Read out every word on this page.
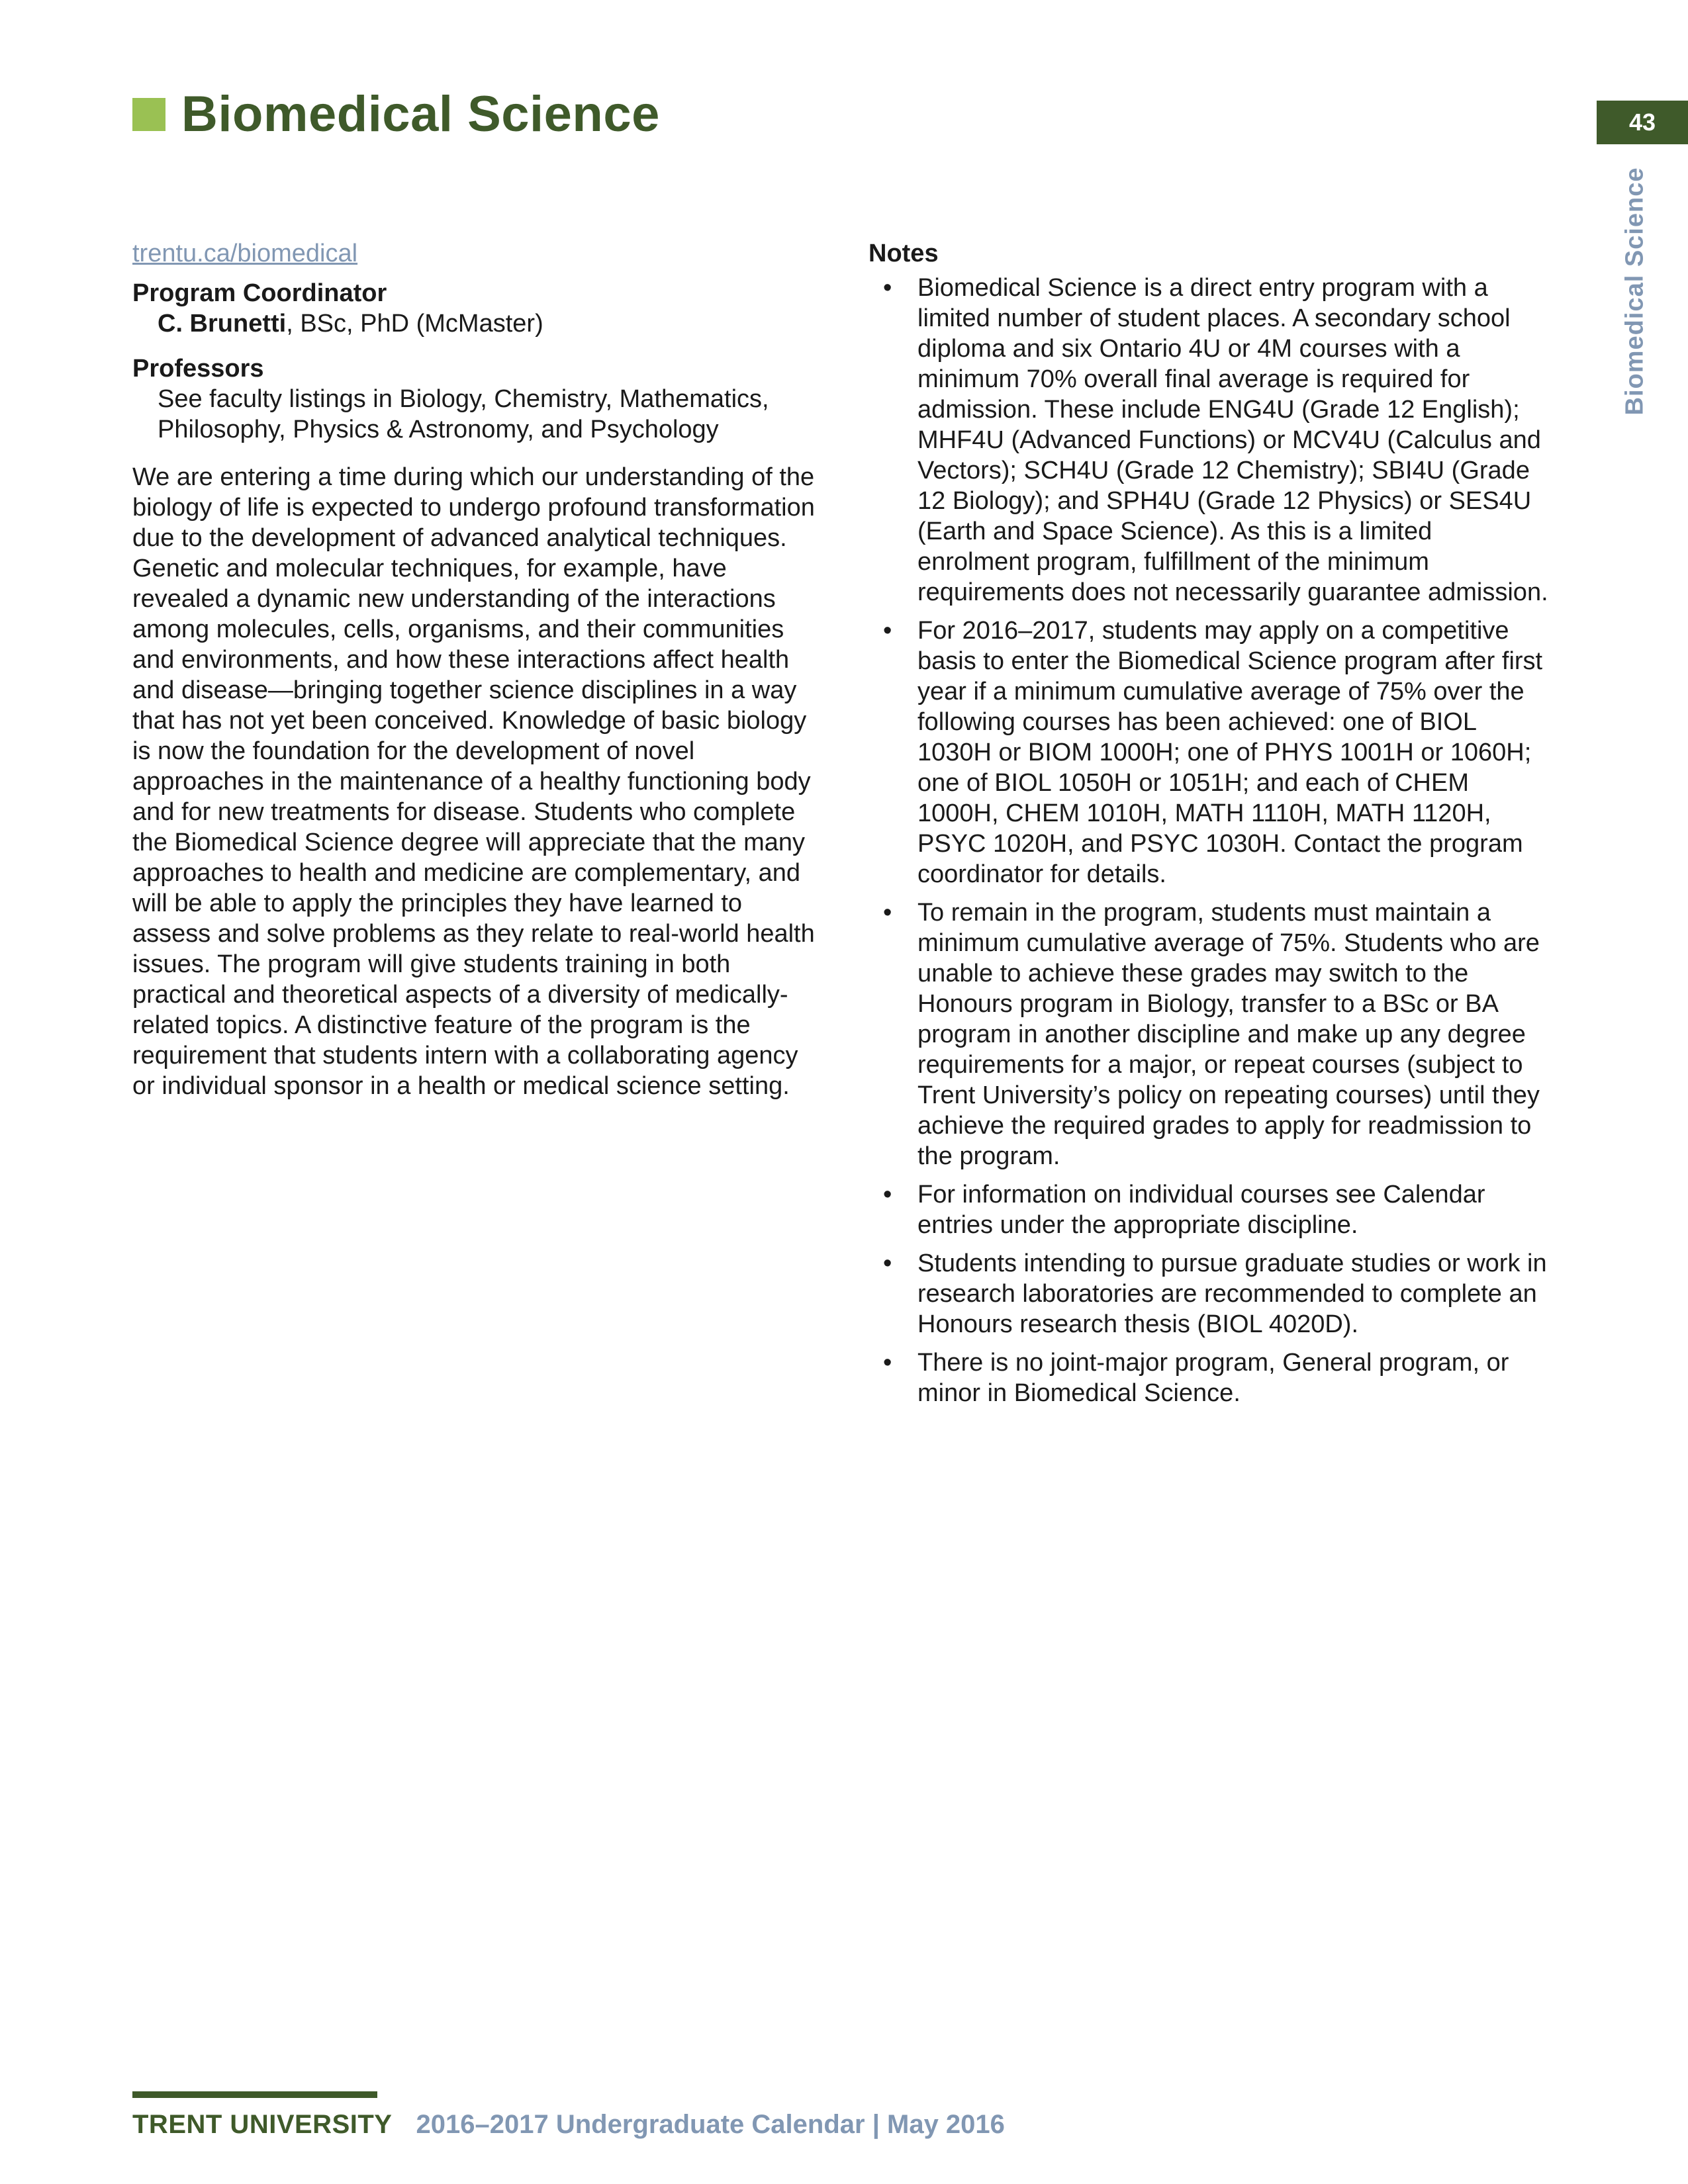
Biomedical Science	43
Biomedical Science
trentu.ca/biomedical
Program Coordinator
C. Brunetti, BSc, PhD (McMaster)
Professors
See faculty listings in Biology, Chemistry, Mathematics, Philosophy, Physics & Astronomy, and Psychology
We are entering a time during which our understanding of the biology of life is expected to undergo profound transformation due to the development of advanced analytical techniques. Genetic and molecular techniques, for example, have revealed a dynamic new understanding of the interactions among molecules, cells, organisms, and their communities and environments, and how these interactions affect health and disease—bringing together science disciplines in a way that has not yet been conceived. Knowledge of basic biology is now the foundation for the development of novel approaches in the maintenance of a healthy functioning body and for new treatments for disease. Students who complete the Biomedical Science degree will appreciate that the many approaches to health and medicine are complementary, and will be able to apply the principles they have learned to assess and solve problems as they relate to real-world health issues. The program will give students training in both practical and theoretical aspects of a diversity of medically-related topics. A distinctive feature of the program is the requirement that students intern with a collaborating agency or individual sponsor in a health or medical science setting.
Notes
• Biomedical Science is a direct entry program with a limited number of student places. A secondary school diploma and six Ontario 4U or 4M courses with a minimum 70% overall final average is required for admission. These include ENG4U (Grade 12 English); MHF4U (Advanced Functions) or MCV4U (Calculus and Vectors); SCH4U (Grade 12 Chemistry); SBI4U (Grade 12 Biology); and SPH4U (Grade 12 Physics) or SES4U (Earth and Space Science). As this is a limited enrolment program, fulfillment of the minimum requirements does not necessarily guarantee admission.
• For 2016–2017, students may apply on a competitive basis to enter the Biomedical Science program after first year if a minimum cumulative average of 75% over the following courses has been achieved: one of BIOL 1030H or BIOM 1000H; one of PHYS 1001H or 1060H; one of BIOL 1050H or 1051H; and each of CHEM 1000H, CHEM 1010H, MATH 1110H, MATH 1120H, PSYC 1020H, and PSYC 1030H. Contact the program coordinator for details.
• To remain in the program, students must maintain a minimum cumulative average of 75%. Students who are unable to achieve these grades may switch to the Honours program in Biology, transfer to a BSc or BA program in another discipline and make up any degree requirements for a major, or repeat courses (subject to Trent University’s policy on repeating courses) until they achieve the required grades to apply for readmission to the program.
• For information on individual courses see Calendar entries under the appropriate discipline.
• Students intending to pursue graduate studies or work in research laboratories are recommended to complete an Honours research thesis (BIOL 4020D).
• There is no joint-major program, General program, or minor in Biomedical Science.
TRENT UNIVERSITY 2016–2017 Undergraduate Calendar | May 2016
